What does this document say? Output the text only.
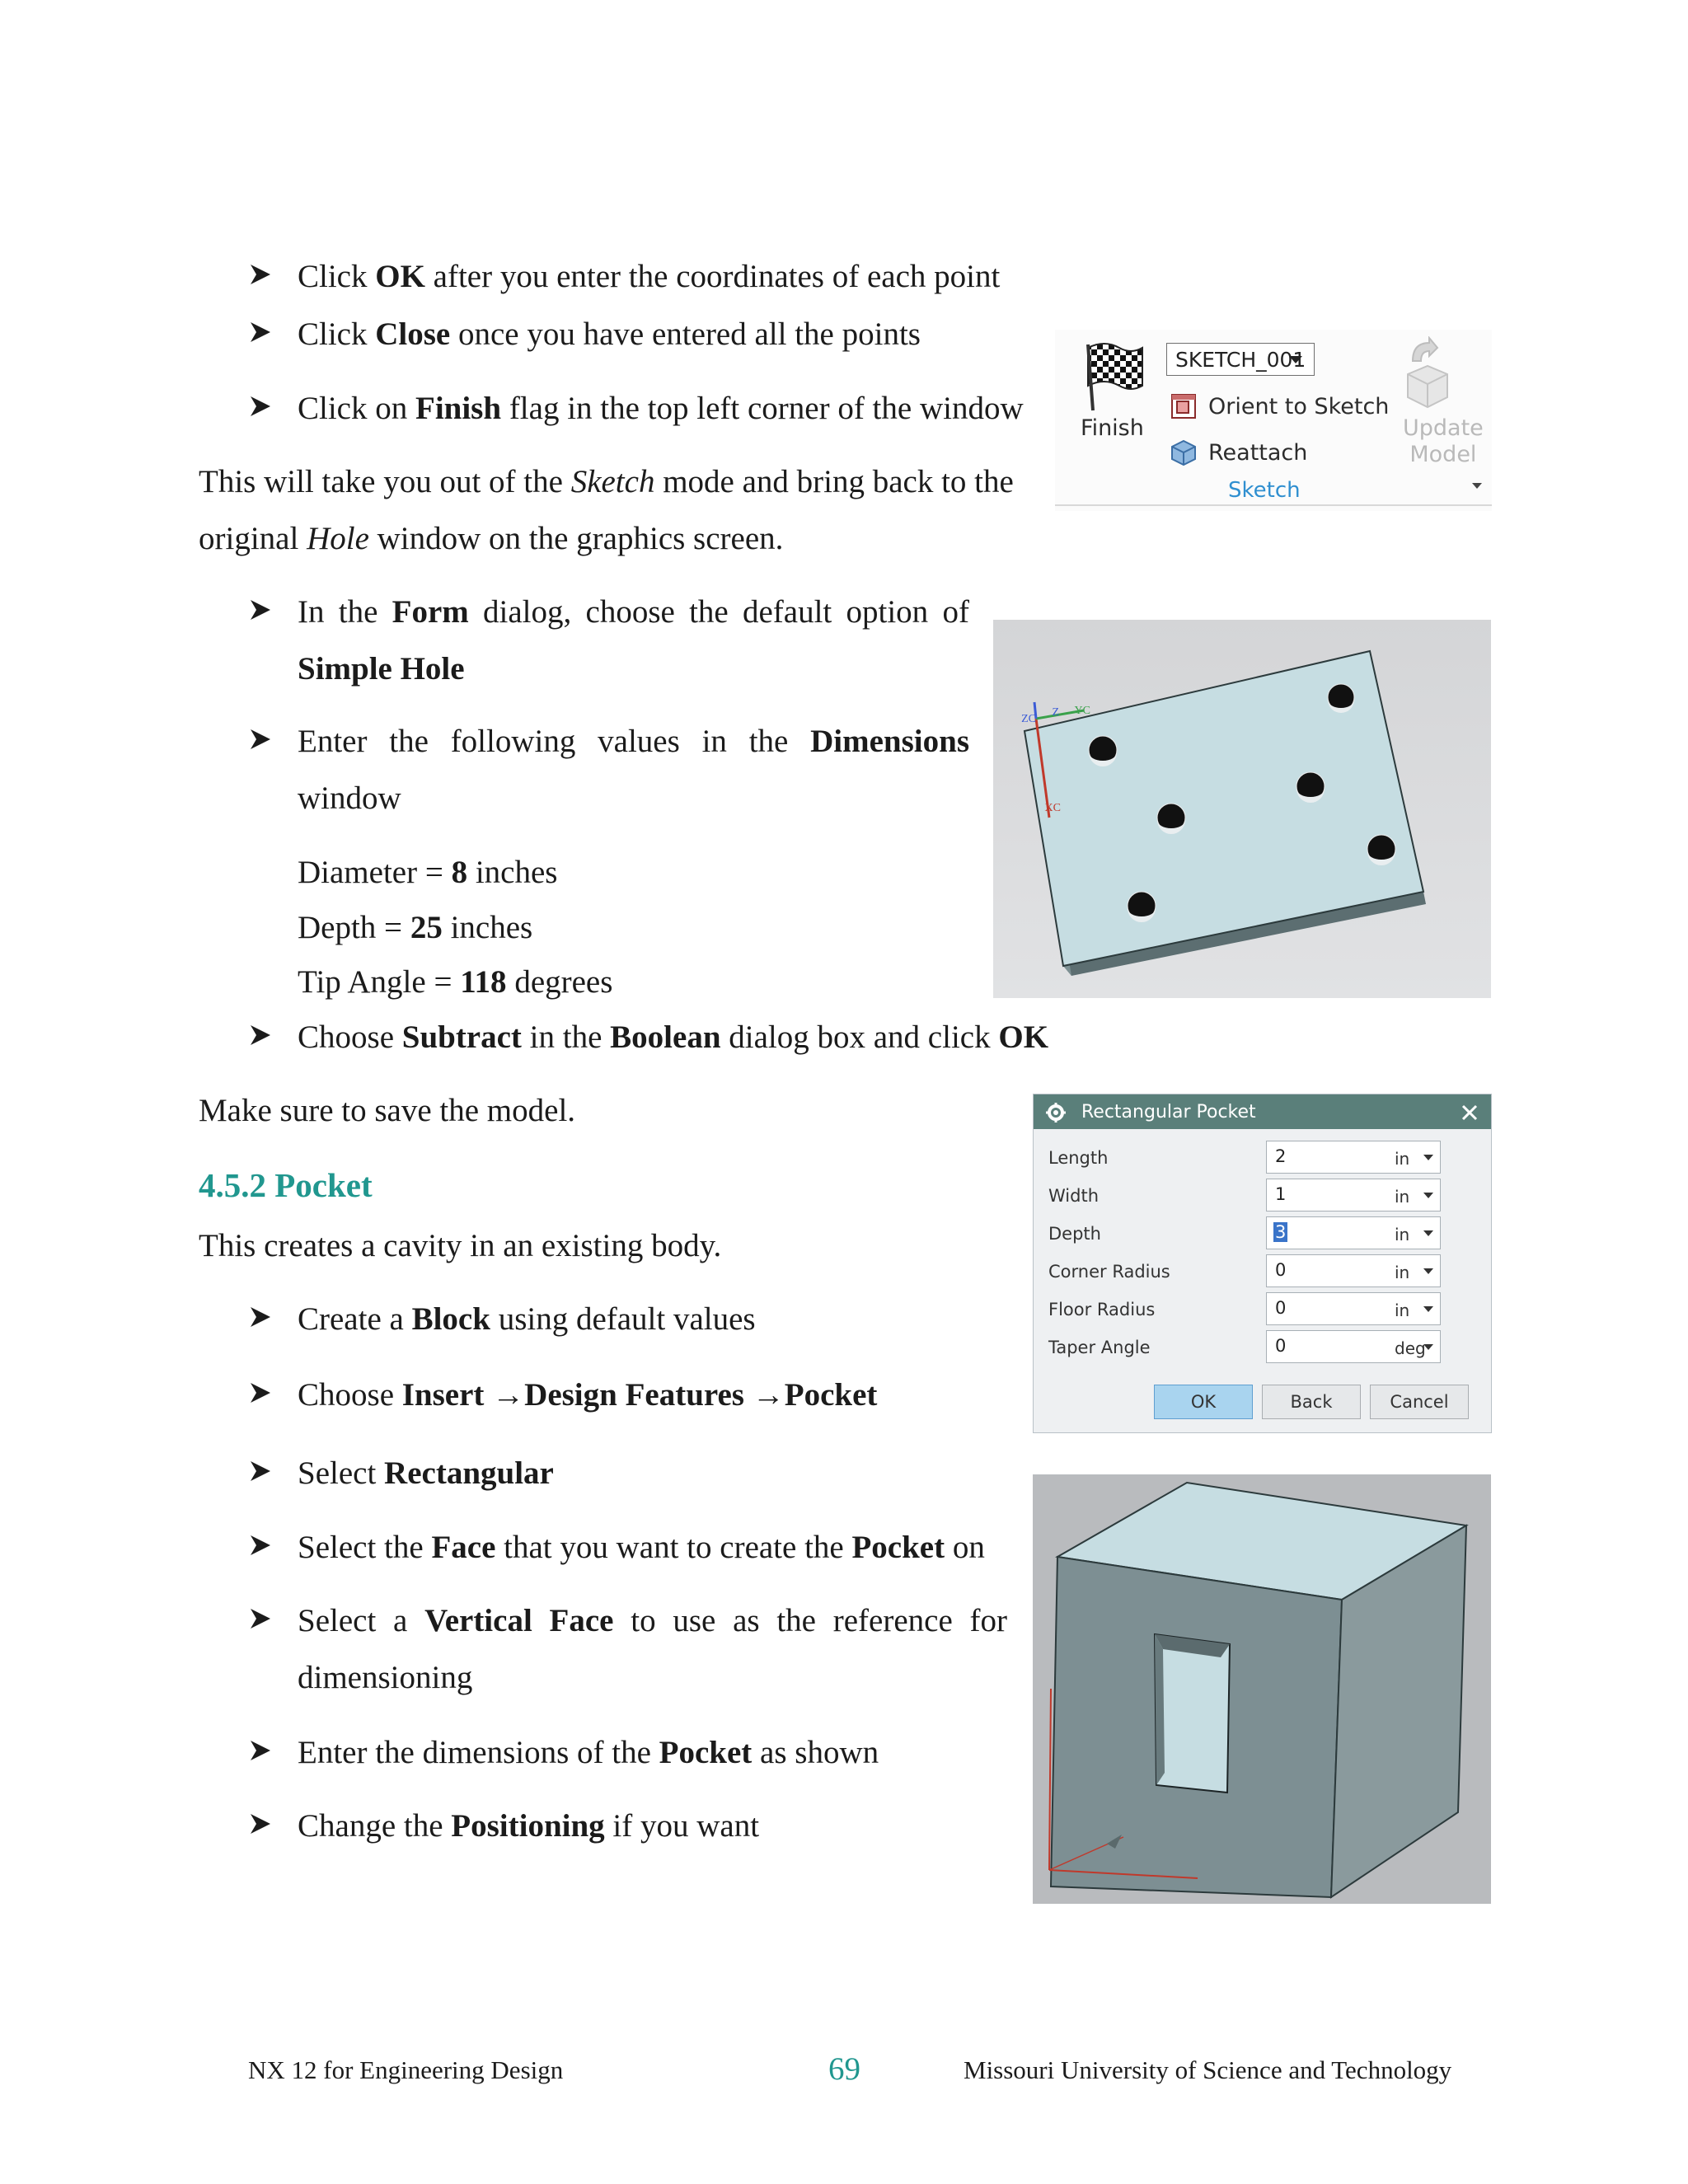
Click OK after you enter the coordinates of each point
Click Close once you have entered all the points
Click on Finish flag in the top left corner of the window
This will take you out of the Sketch mode and bring back to the
original Hole window on the graphics screen.
In the Form dialog, choose the default option of
Simple Hole
Enter the following values in the Dimensions
window
Diameter = 8 inches
Depth = 25 inches
Tip Angle = 118 degrees
Choose Subtract in the Boolean dialog box and click OK
Make sure to save the model.
4.5.2 Pocket
This creates a cavity in an existing body.
Create a Block using default values
Choose Insert →Design Features →Pocket
Select Rectangular
Select the Face that you want to create the Pocket on
Select a Vertical Face to use as the reference for
dimensioning
Enter the dimensions of the Pocket as shown
Change the Positioning if you want
Finish
SKETCH_001
Orient to Sketch
Reattach
Update
Model
Sketch
ZC
Z YC
XC
Rectangular Pocket
Length	2	in
Width	1	in
Depth	3	in
Corner Radius	0	in
Floor Radius	0	in
Taper Angle	0	deg
OK	Back	Cancel
NX 12 for Engineering Design	69	Missouri University of Science and Technology
